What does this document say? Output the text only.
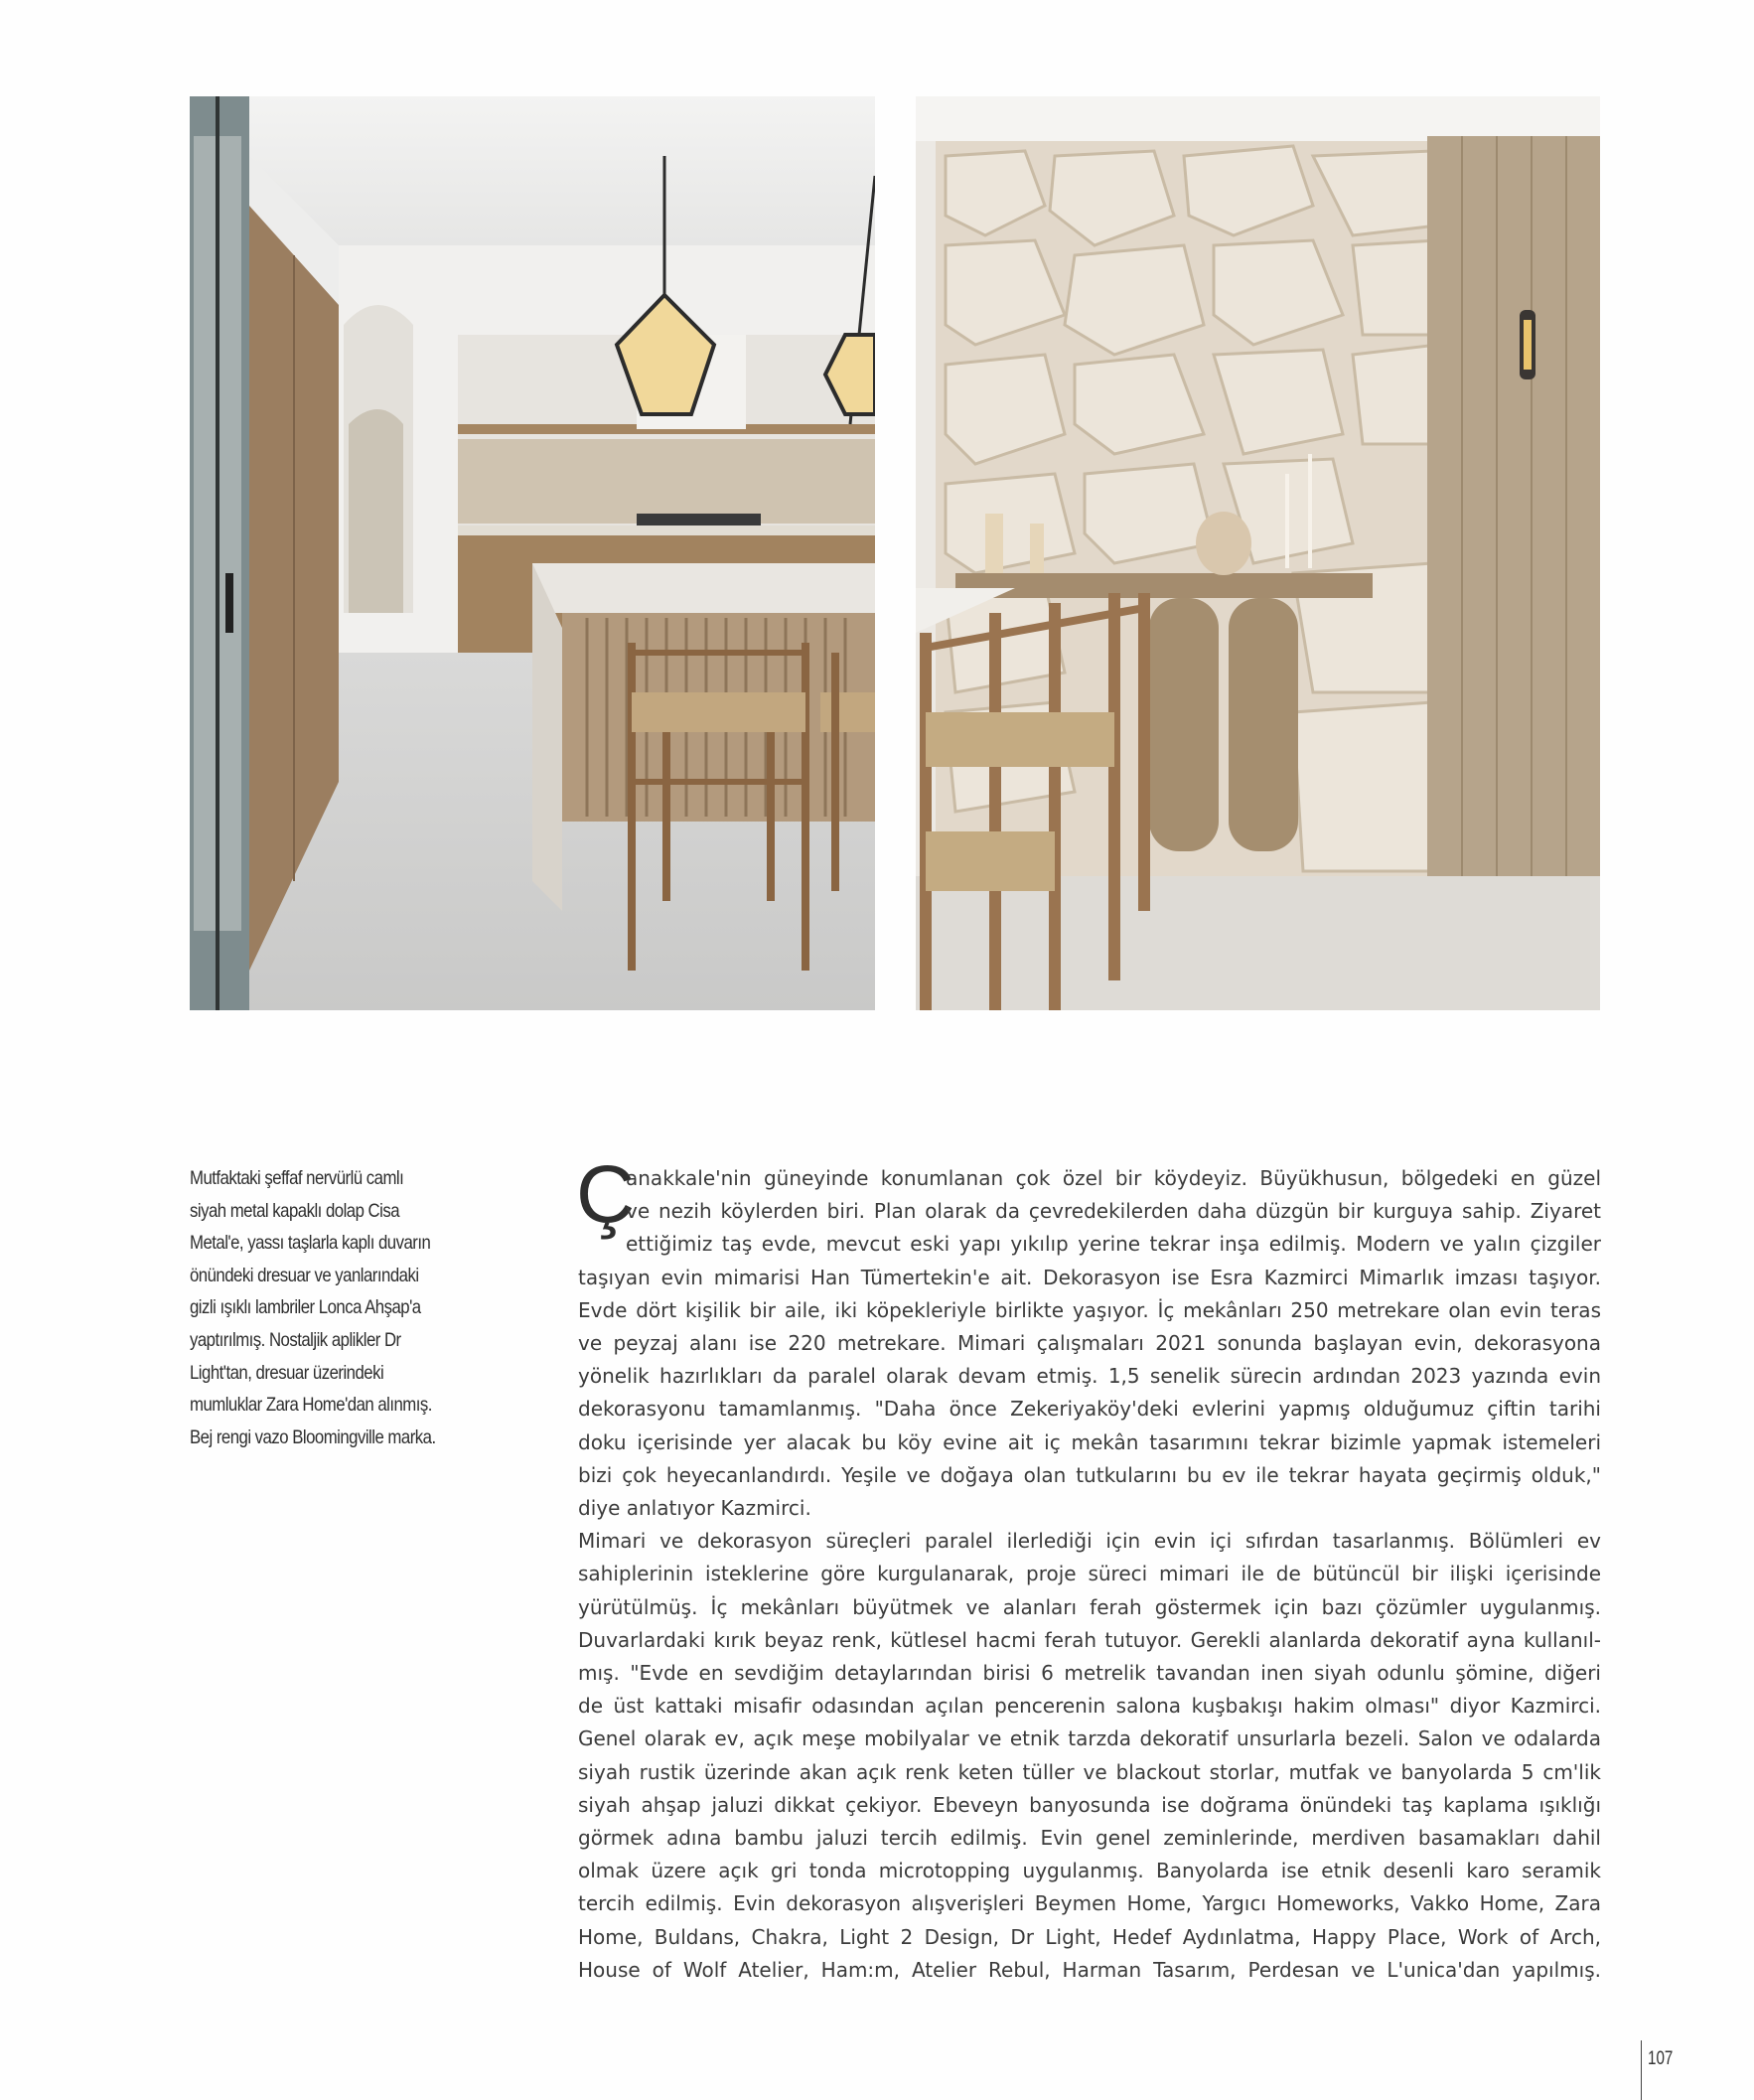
Mutfaktaki şeffaf nervürlü camlı
siyah metal kapaklı dolap Cisa
Metal'e, yassı taşlarla kaplı duvarın
önündeki dresuar ve yanlarındaki
gizli ışıklı lambriler Lonca Ahşap'a
yaptırılmış. Nostaljik aplikler Dr
Light'tan, dresuar üzerindeki
mumluklar Zara Home'dan alınmış.
Bej rengi vazo Bloomingville marka.
Ç
anakkale'nin güneyinde konumlanan çok özel bir köydeyiz. Büyükhusun, bölgedeki en güzel
ve nezih köylerden biri. Plan olarak da çevredekilerden daha düzgün bir kurguya sahip. Ziyaret
ettiğimiz taş evde, mevcut eski yapı yıkılıp yerine tekrar inşa edilmiş. Modern ve yalın çizgiler
taşıyan evin mimarisi Han Tümertekin'e ait. Dekorasyon ise Esra Kazmirci Mimarlık imzası taşıyor.
Evde dört kişilik bir aile, iki köpekleriyle birlikte yaşıyor. İç mekânları 250 metrekare olan evin teras
ve peyzaj alanı ise 220 metrekare. Mimari çalışmaları 2021 sonunda başlayan evin, dekorasyona
yönelik hazırlıkları da paralel olarak devam etmiş. 1,5 senelik sürecin ardından 2023 yazında evin
dekorasyonu tamamlanmış. "Daha önce Zekeriyaköy'deki evlerini yapmış olduğumuz çiftin tarihi
doku içerisinde yer alacak bu köy evine ait iç mekân tasarımını tekrar bizimle yapmak istemeleri
bizi çok heyecanlandırdı. Yeşile ve doğaya olan tutkularını bu ev ile tekrar hayata geçirmiş olduk,"
diye anlatıyor Kazmirci.
Mimari ve dekorasyon süreçleri paralel ilerlediği için evin içi sıfırdan tasarlanmış. Bölümleri ev
sahiplerinin isteklerine göre kurgulanarak, proje süreci mimari ile de bütüncül bir ilişki içerisinde
yürütülmüş. İç mekânları büyütmek ve alanları ferah göstermek için bazı çözümler uygulanmış.
Duvarlardaki kırık beyaz renk, kütlesel hacmi ferah tutuyor. Gerekli alanlarda dekoratif ayna kullanıl-
mış. "Evde en sevdiğim detaylarından birisi 6 metrelik tavandan inen siyah odunlu şömine, diğeri
de üst kattaki misafir odasından açılan pencerenin salona kuşbakışı hakim olması" diyor Kazmirci.
Genel olarak ev, açık meşe mobilyalar ve etnik tarzda dekoratif unsurlarla bezeli. Salon ve odalarda
siyah rustik üzerinde akan açık renk keten tüller ve blackout storlar, mutfak ve banyolarda 5 cm'lik
siyah ahşap jaluzi dikkat çekiyor. Ebeveyn banyosunda ise doğrama önündeki taş kaplama ışıklığı
görmek adına bambu jaluzi tercih edilmiş. Evin genel zeminlerinde, merdiven basamakları dahil
olmak üzere açık gri tonda microtopping uygulanmış. Banyolarda ise etnik desenli karo seramik
tercih edilmiş. Evin dekorasyon alışverişleri Beymen Home, Yargıcı Homeworks, Vakko Home, Zara
Home, Buldans, Chakra, Light 2 Design, Dr Light, Hedef Aydınlatma, Happy Place, Work of Arch,
House of Wolf Atelier, Ham:m, Atelier Rebul, Harman Tasarım, Perdesan ve L'unica'dan yapılmış.
107
